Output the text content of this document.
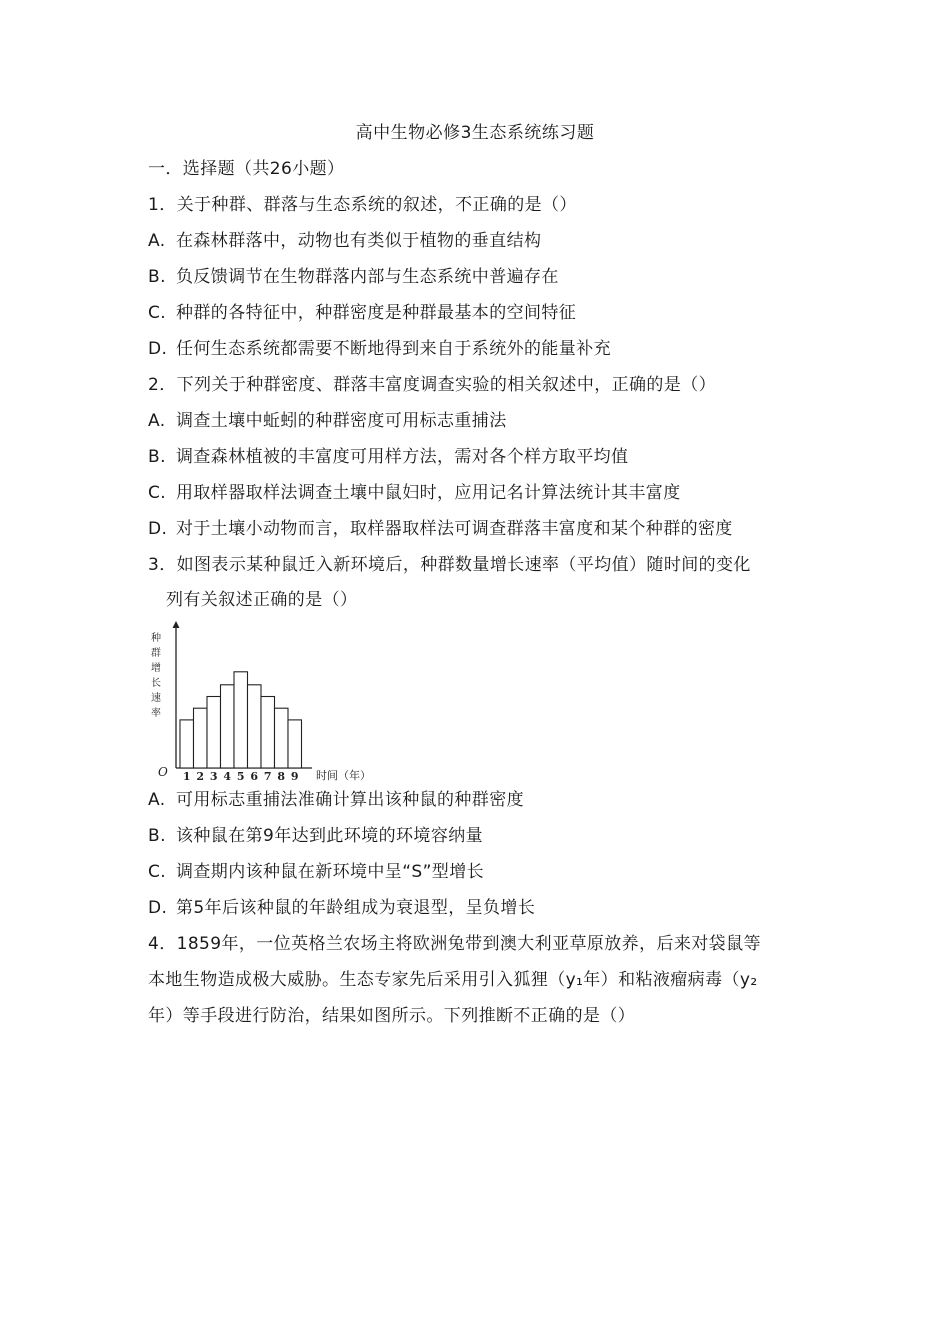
高中生物必修3生态系统练习题
一．选择题（共26小题）
1．关于种群、群落与生态系统的叙述，不正确的是（）
A. 在森林群落中，动物也有类似于植物的垂直结构
B. 负反馈调节在生物群落内部与生态系统中普遍存在
C. 种群的各特征中，种群密度是种群最基本的空间特征
D. 任何生态系统都需要不断地得到来自于系统外的能量补充
2．下列关于种群密度、群落丰富度调查实验的相关叙述中，正确的是（）
A. 调查土壤中蚯蚓的种群密度可用标志重捕法
B. 调查森林植被的丰富度可用样方法，需对各个样方取平均值
C. 用取样器取样法调查土壤中鼠妇时，应用记名计算法统计其丰富度
D. 对于土壤小动物而言，取样器取样法可调查群落丰富度和某个种群的密度
3．如图表示某种鼠迁入新环境后，种群数量增长速率（平均值）随时间的变化
列有关叙述正确的是（）
O
种群增长速率
时间（年）
1 2 3 4 5 6 7 8 9
A. 可用标志重捕法准确计算出该种鼠的种群密度
B. 该种鼠在第9年达到此环境的环境容纳量
C. 调查期内该种鼠在新环境中呈“S”型增长
D. 第5年后该种鼠的年龄组成为衰退型，呈负增长
4．1859年，一位英格兰农场主将欧洲兔带到澳大利亚草原放养，后来对袋鼠等
本地生物造成极大威胁。生态专家先后采用引入狐狸（y₁年）和粘液瘤病毒（y₂
年）等手段进行防治，结果如图所示。下列推断不正确的是（）
